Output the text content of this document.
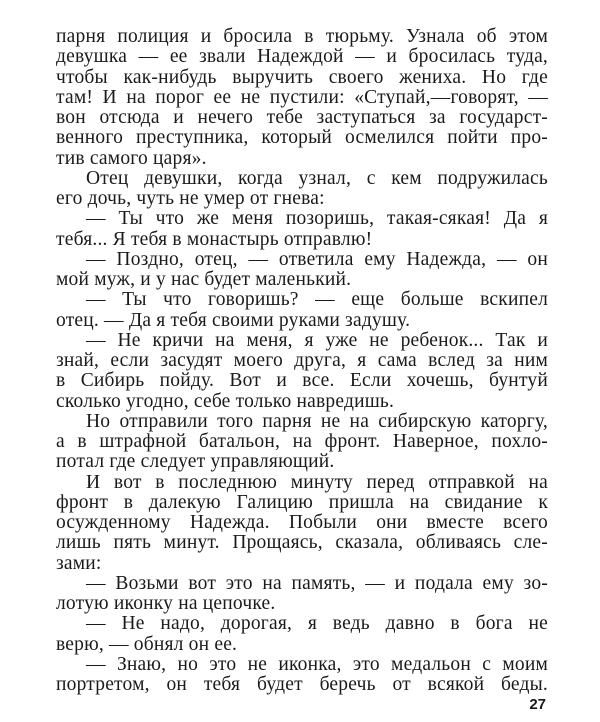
парня полиция и бросила в тюрьму. Узнала об этом
девушка — ее звали Надеждой — и бросилась туда,
чтобы как-нибудь выручить своего жениха. Но где
там! И на порог ее не пустили: «Ступай,—говорят, —
вон отсюда и нечего тебе заступаться за государст-
венного преступника, который осмелился пойти про-
тив самого царя».
Отец девушки, когда узнал, с кем подружилась
его дочь, чуть не умер от гнева:
— Ты что же меня позоришь, такая-сякая! Да я
тебя... Я тебя в монастырь отправлю!
— Поздно, отец, — ответила ему Надежда, — он
мой муж, и у нас будет маленький.
— Ты что говоришь? — еще больше вскипел
отец. — Да я тебя своими руками задушу.
— Не кричи на меня, я уже не ребенок... Так и
знай, если засудят моего друга, я сама вслед за ним
в Сибирь пойду. Вот и все. Если хочешь, бунтуй
сколько угодно, себе только навредишь.
Но отправили того парня не на сибирскую каторгу,
а в штрафной батальон, на фронт. Наверное, похло-
потал где следует управляющий.
И вот в последнюю минуту перед отправкой на
фронт в далекую Галицию пришла на свидание к
осужденному Надежда. Побыли они вместе всего
лишь пять минут. Прощаясь, сказала, обливаясь сле-
зами:
— Возьми вот это на память, — и подала ему зо-
лотую иконку на цепочке.
— Не надо, дорогая, я ведь давно в бога не
верю, — обнял он ее.
— Знаю, но это не иконка, это медальон с моим
портретом, он тебя будет беречь от всякой беды.
27
